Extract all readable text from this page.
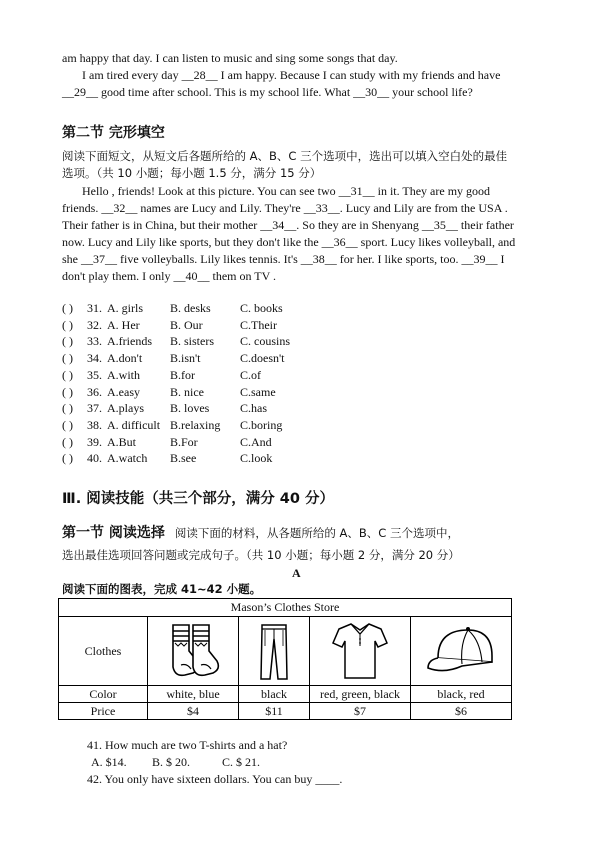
am happy that day. I can listen to music and sing some songs that day.
I am tired every day __28__ I am happy. Because I can study with my friends and have __29__ good time after school. This is my school life. What __30__ your school life?
第二节 完形填空
阅读下面短文，从短文后各题所给的 A、B、C 三个选项中，选出可以填入空白处的最佳选项。（共 10 小题；每小题 1.5 分，满分 15 分）
Hello , friends! Look at this picture. You can see two __31__ in it. They are my good friends. __32__ names are Lucy and Lily. They're __33__. Lucy and Lily are from the USA . Their father is in China, but their mother __34__. So they are in Shenyang __35__ their father now. Lucy and Lily like sports, but they don't like the __36__ sport. Lucy likes volleyball, and she __37__ five volleyballs. Lily likes tennis. It's __38__ for her. I like sports, too. __39__ I don't play them. I only __40__ them on TV .
( ) 31. A. girls B. desks C. books
( ) 32. A. Her	B. Our	C.Their
( ) 33. A.friends B. sisters C. cousins
( ) 34. A.don't B.isn't	C.doesn't
( ) 35. A.with	B.for	C.of
( ) 36. A.easy	B. nice	C.same
( ) 37. A.plays B. loves	C.has
( ) 38. A. difficult B.relaxing C.boring
( ) 39. A.But	B.For	C.And
( ) 40. A.watch B.see	C.look
Ⅲ. 阅读技能（共三个部分，满分 40 分）
第一节 阅读选择 阅读下面的材料，从各题所给的 A、B、C 三个选项中，
选出最佳选项回答问题或完成句子。（共 10 小题；每小题 2 分，满分 20 分）
A
阅读下面的图表，完成 41~42 小题。
Mason’s Clothes Store				
Clothes	

Color	white, blue	black	red, green, black	black, red
Price	$4	$11	$7	$6
41. How much are two T-shirts and a hat?
A. $14. B. $ 20.	C. $ 21.
42. You only have sixteen dollars. You can buy ____.
